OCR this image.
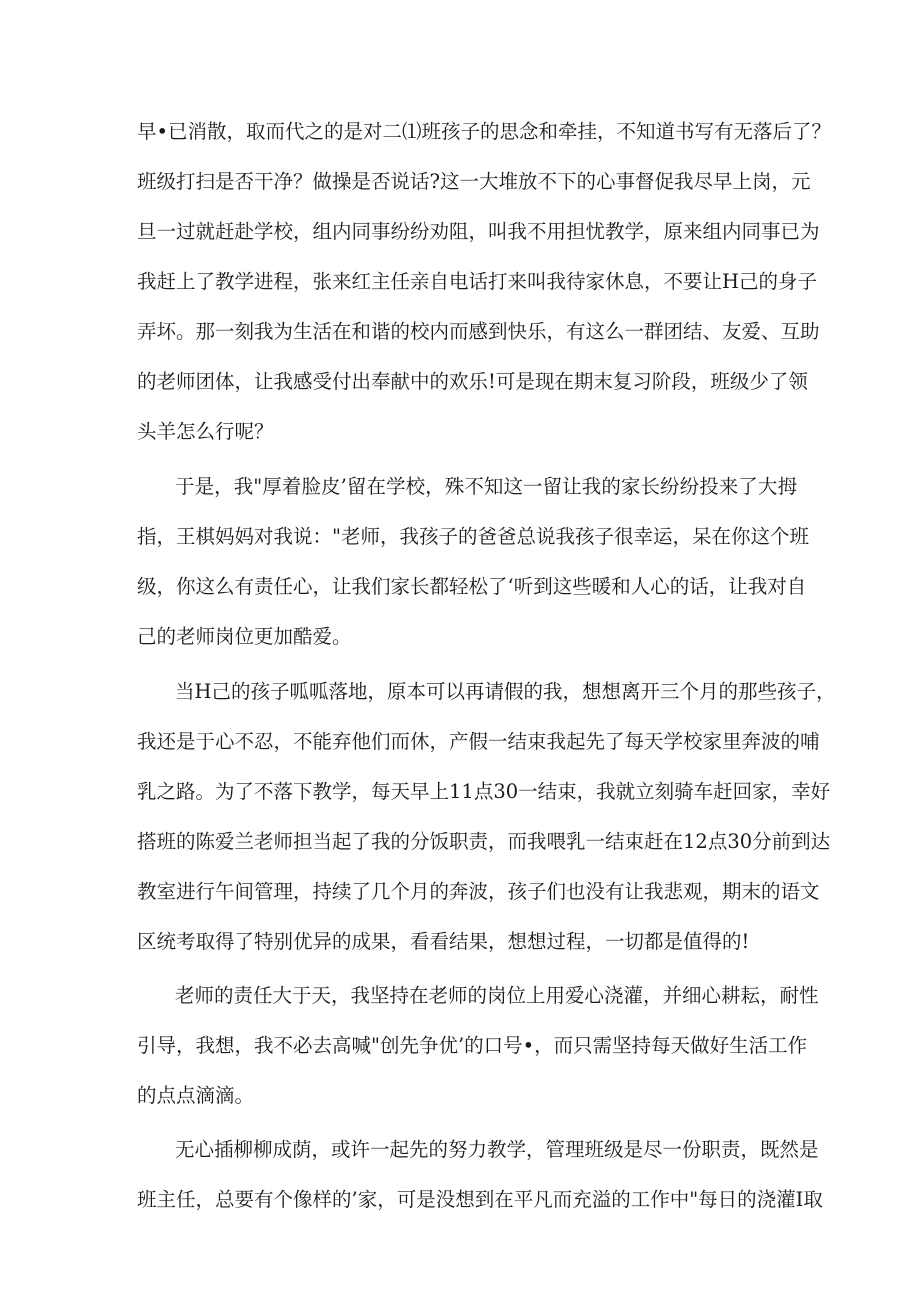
早•已消散，取而代之的是对二⑴班孩子的思念和牵挂，不知道书写有无落后了？
班级打扫是否干净？做操是否说话?这一大堆放不下的心事督促我尽早上岗，元
旦一过就赶赴学校，组内同事纷纷劝阻，叫我不用担忧教学，原来组内同事已为
我赶上了教学进程，张来红主任亲自电话打来叫我待家休息，不要让H己的身子
弄坏。那一刻我为生活在和谐的校内而感到快乐，有这么一群团结、友爱、互助
的老师团体，让我感受付出奉献中的欢乐!可是现在期末复习阶段，班级少了领
头羊怎么行呢？
于是，我"厚着脸皮’留在学校，殊不知这一留让我的家长纷纷投来了大拇
指，王棋妈妈对我说："老师，我孩子的爸爸总说我孩子很幸运，呆在你这个班
级，你这么有责任心，让我们家长都轻松了‘听到这些暖和人心的话，让我对自
己的老师岗位更加酷爱。
当H己的孩子呱呱落地，原本可以再请假的我，想想离开三个月的那些孩子，
我还是于心不忍，不能弃他们而休，产假一结束我起先了每天学校家里奔波的哺
乳之路。为了不落下教学，每天早上11点30一结束，我就立刻骑车赶回家，幸好
搭班的陈爱兰老师担当起了我的分饭职责，而我喂乳一结束赶在12点30分前到达
教室进行午间管理，持续了几个月的奔波，孩子们也没有让我悲观，期末的语文
区统考取得了特别优异的成果，看看结果，想想过程，一切都是值得的!
老师的责任大于天，我坚持在老师的岗位上用爱心浇灌，并细心耕耘，耐性
引导，我想，我不必去高喊"创先争优’的口号•，而只需坚持每天做好生活工作
的点点滴滴。
无心插柳柳成荫，或许一起先的努力教学，管理班级是尽一份职责，既然是
班主任，总要有个像样的’家，可是没想到在平凡而充溢的工作中"每日的浇灌I取
